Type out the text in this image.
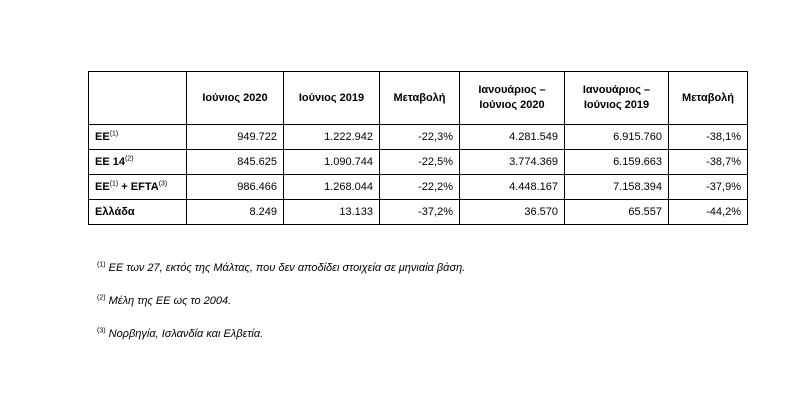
	Ιούνιος 2020	Ιούνιος 2019	Μεταβολή	Ιανουάριος – Ιούνιος 2020	Ιανουάριος – Ιούνιος 2019	Μεταβολή
ΕΕ$^{(1)}$	949.722	1.222.942	-22,3%	4.281.549	6.915.760	-38,1%
ΕΕ 14$^{(2)}$	845.625	1.090.744	-22,5%	3.774.369	6.159.663	-38,7%
$EE^{(1)}$ + $EFTA^{(3)}$	986.466	1.268.044	-22,2%	4.448.167	7.158.394	-37,9%
Ελλάδα	8.249	13.133	-37,2%	36.570	65.557	-44,2%
$^{(1)}$ ΕΕ των 27, εκτός της Μάλτας, που δεν αποδίδει στοιχεία σε μηνιαία βάση.
$^{(2)}$ Μέλη της ΕΕ ως το 2004.
$^{(3)}$ Νορβηγία, Ισλανδία και Ελβετία.
